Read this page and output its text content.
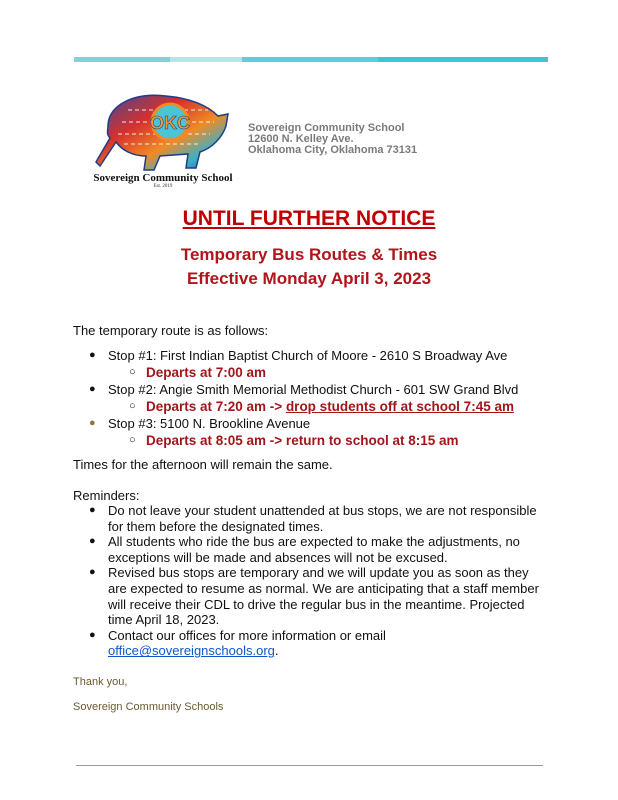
OKC
Sovereign Community School
Est. 2019
Sovereign Community School
12600 N. Kelley Ave.
Oklahoma City, Oklahoma 73131
UNTIL FURTHER NOTICE
Temporary Bus Routes & Times
Effective Monday April 3, 2023
The temporary route is as follows:
● Stop #1: First Indian Baptist Church of Moore - 2610 S Broadway Ave
○ Departs at 7:00 am
● Stop #2: Angie Smith Memorial Methodist Church - 601 SW Grand Blvd
○ Departs at 7:20 am -> drop students off at school 7:45 am
● Stop #3: 5100 N. Brookline Avenue
○ Departs at 8:05 am -> return to school at 8:15 am
Times for the afternoon will remain the same.
Reminders:
● Do not leave your student unattended at bus stops, we are not responsible for them before the designated times.
● All students who ride the bus are expected to make the adjustments, no exceptions will be made and absences will not be excused.
● Revised bus stops are temporary and we will update you as soon as they are expected to resume as normal. We are anticipating that a staff member will receive their CDL to drive the regular bus in the meantime. Projected time April 18, 2023.
● Contact our offices for more information or email
office@sovereignschools.org.
Thank you,
Sovereign Community Schools
